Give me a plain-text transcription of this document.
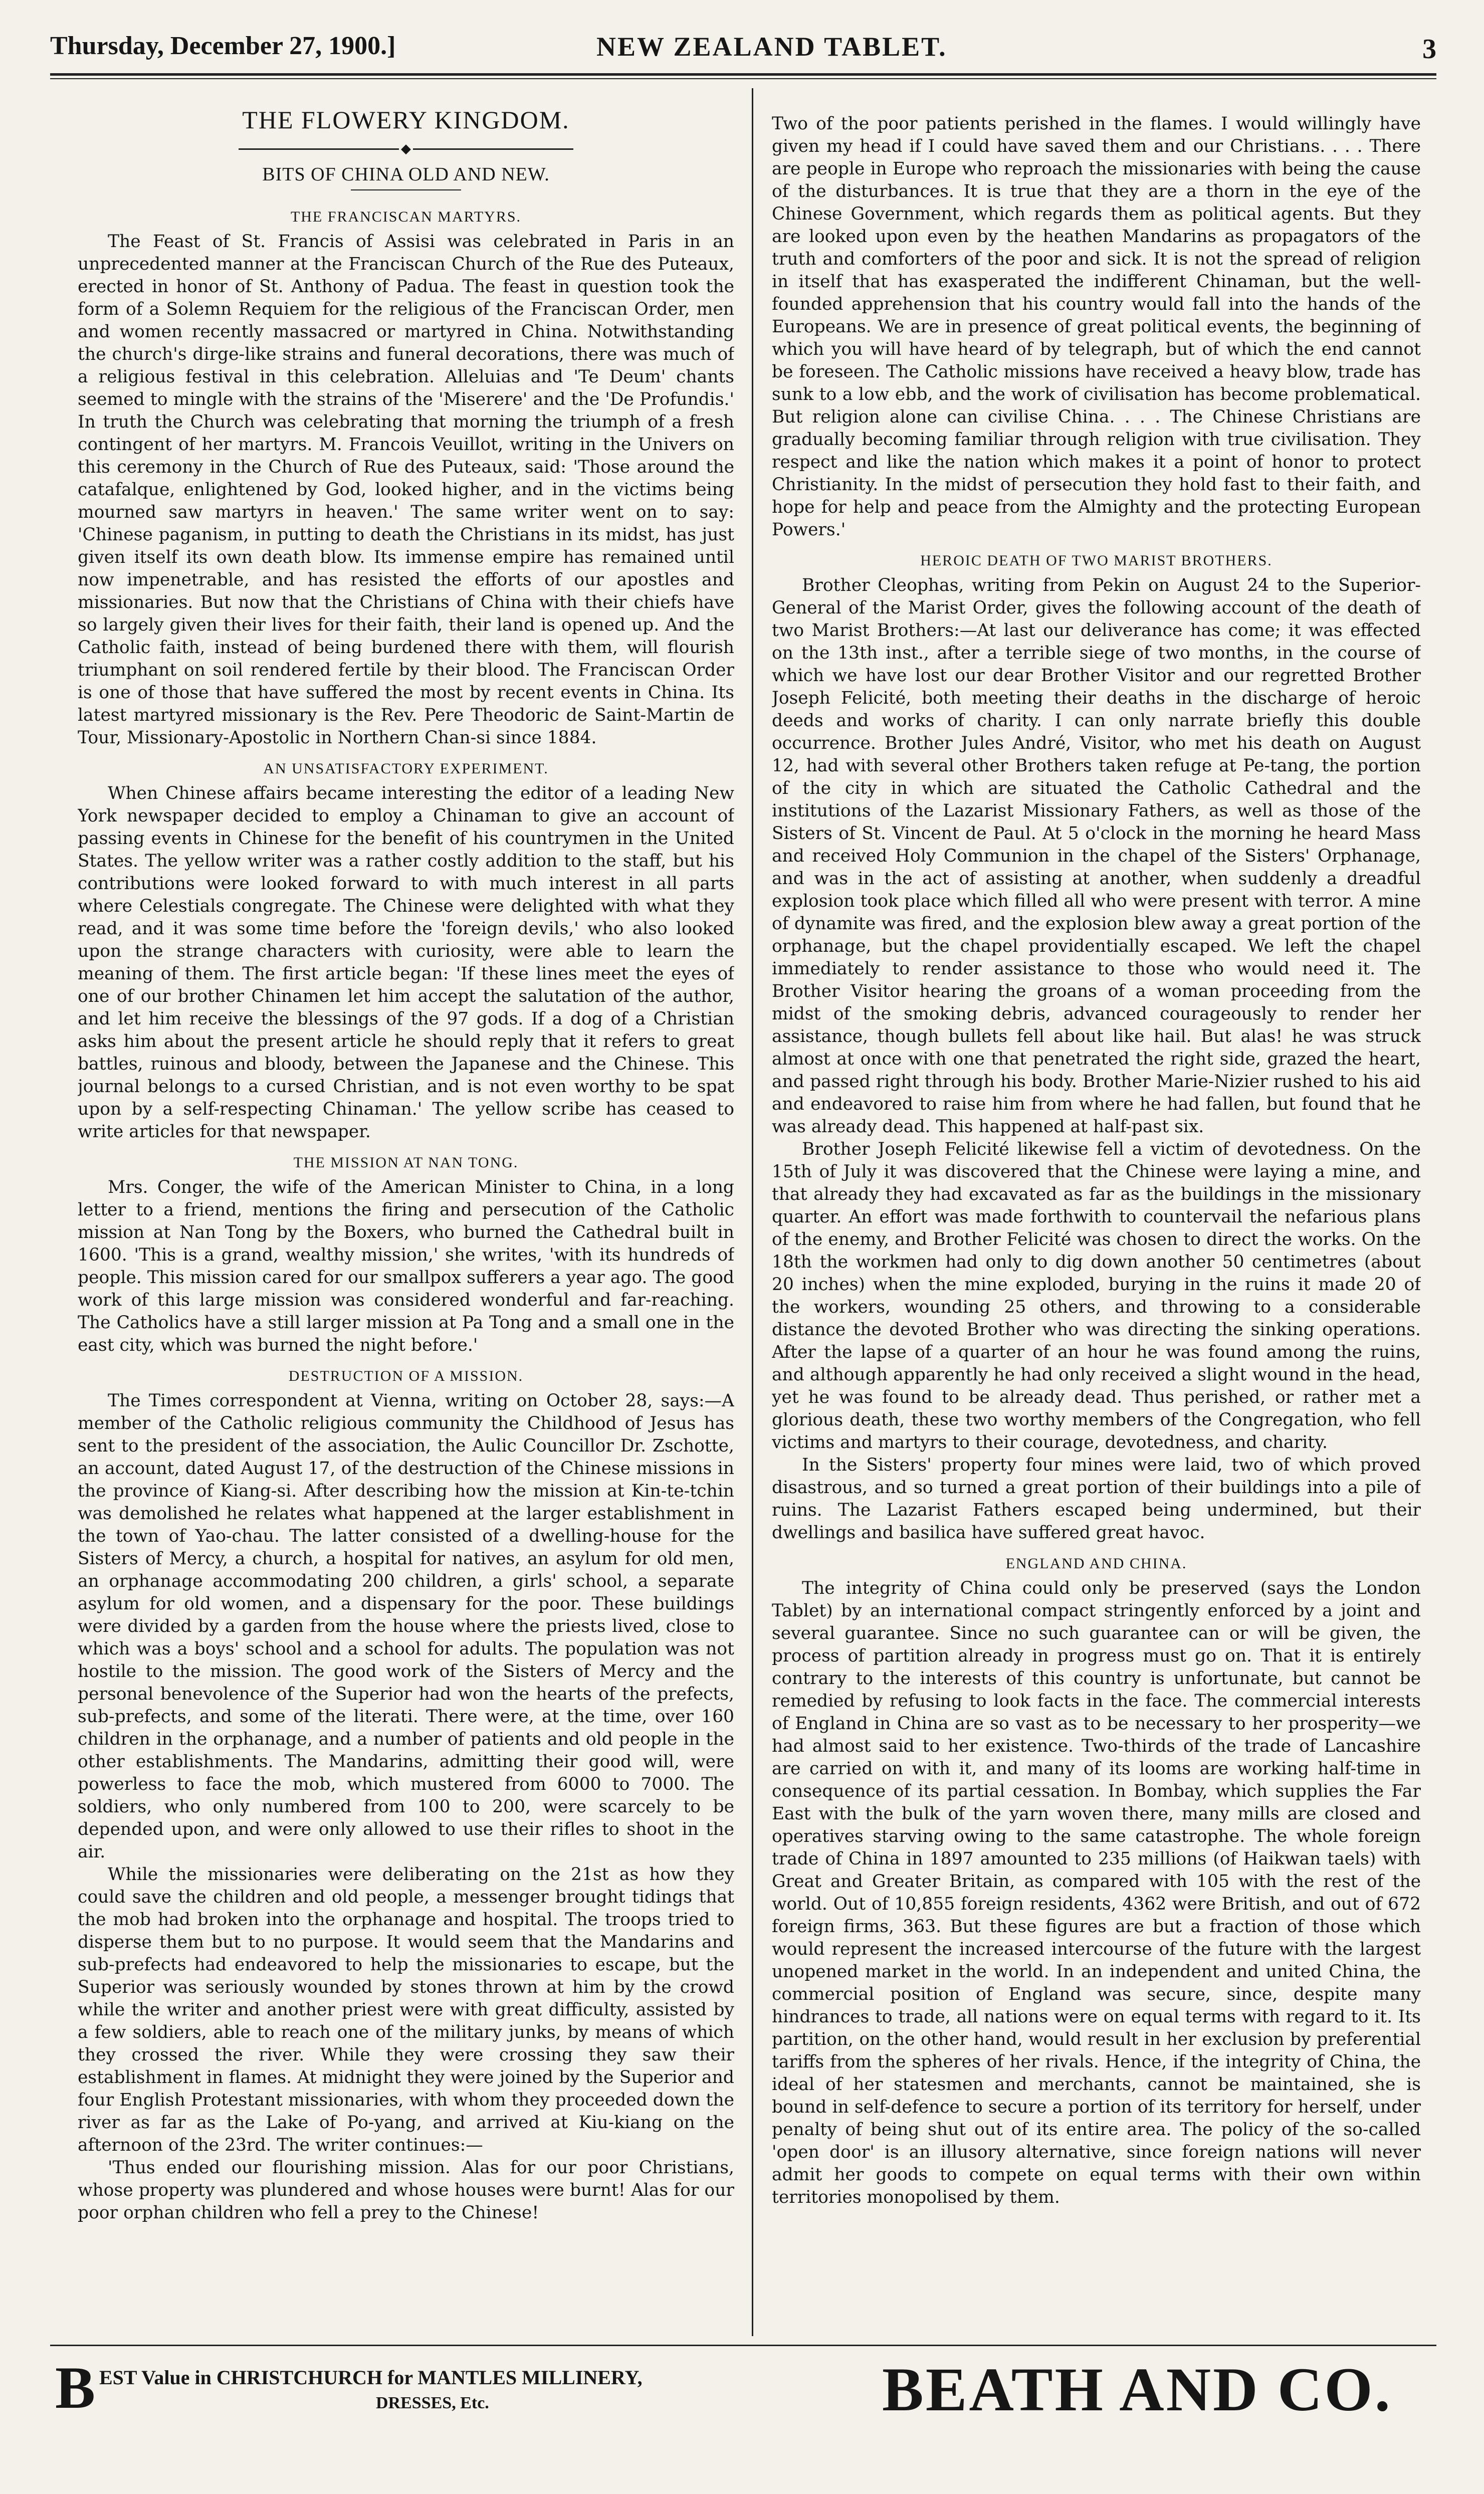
Thursday, December 27, 1900.]	NEW ZEALAND TABLET.	3
THE FLOWERY KINGDOM.
◆
BITS OF CHINA OLD AND NEW.
THE FRANCISCAN MARTYRS.

The Feast of St. Francis of Assisi was celebrated in Paris in an unprecedented manner at the Franciscan Church of the Rue des Puteaux, erected in honor of St. Anthony of Padua. The feast in question took the form of a Solemn Requiem for the religious of the Franciscan Order, men and women recently massacred or martyred in China. Notwithstanding the church's dirge-like strains and funeral decorations, there was much of a religious festival in this celebration. Alleluias and 'Te Deum' chants seemed to mingle with the strains of the 'Miserere' and the 'De Profundis.' In truth the Church was celebrating that morning the triumph of a fresh contingent of her martyrs. M. Francois Veuillot, writing in the Univers on this ceremony in the Church of Rue des Puteaux, said: 'Those around the catafalque, enlightened by God, looked higher, and in the victims being mourned saw martyrs in heaven.' The same writer went on to say: 'Chinese paganism, in putting to death the Christians in its midst, has just given itself its own death blow. Its immense empire has remained until now impenetrable, and has resisted the efforts of our apostles and missionaries. But now that the Christians of China with their chiefs have so largely given their lives for their faith, their land is opened up. And the Catholic faith, instead of being burdened there with them, will flourish triumphant on soil rendered fertile by their blood. The Franciscan Order is one of those that have suffered the most by recent events in China. Its latest martyred missionary is the Rev. Pere Theodoric de Saint-Martin de Tour, Missionary-Apostolic in Northern Chan-si since 1884.

AN UNSATISFACTORY EXPERIMENT.

When Chinese affairs became interesting the editor of a leading New York newspaper decided to employ a Chinaman to give an account of passing events in Chinese for the benefit of his countrymen in the United States. The yellow writer was a rather costly addition to the staff, but his contributions were looked forward to with much interest in all parts where Celestials congregate. The Chinese were delighted with what they read, and it was some time before the 'foreign devils,' who also looked upon the strange characters with curiosity, were able to learn the meaning of them. The first article began: 'If these lines meet the eyes of one of our brother Chinamen let him accept the salutation of the author, and let him receive the blessings of the 97 gods. If a dog of a Christian asks him about the present article he should reply that it refers to great battles, ruinous and bloody, between the Japanese and the Chinese. This journal belongs to a cursed Christian, and is not even worthy to be spat upon by a self-respecting Chinaman.' The yellow scribe has ceased to write articles for that newspaper.

THE MISSION AT NAN TONG.

Mrs. Conger, the wife of the American Minister to China, in a long letter to a friend, mentions the firing and persecution of the Catholic mission at Nan Tong by the Boxers, who burned the Cathedral built in 1600. 'This is a grand, wealthy mission,' she writes, 'with its hundreds of people. This mission cared for our smallpox sufferers a year ago. The good work of this large mission was considered wonderful and far-reaching. The Catholics have a still larger mission at Pa Tong and a small one in the east city, which was burned the night before.'

DESTRUCTION OF A MISSION.

The Times correspondent at Vienna, writing on October 28, says:—A member of the Catholic religious community the Childhood of Jesus has sent to the president of the association, the Aulic Councillor Dr. Zschotte, an account, dated August 17, of the destruction of the Chinese missions in the province of Kiang-si. After describing how the mission at Kin-te-tchin was demolished he relates what happened at the larger establishment in the town of Yao-chau. The latter consisted of a dwelling-house for the Sisters of Mercy, a church, a hospital for natives, an asylum for old men, an orphanage accommodating 200 children, a girls' school, a separate asylum for old women, and a dispensary for the poor. These buildings were divided by a garden from the house where the priests lived, close to which was a boys' school and a school for adults. The population was not hostile to the mission. The good work of the Sisters of Mercy and the personal benevolence of the Superior had won the hearts of the prefects, sub-prefects, and some of the literati. There were, at the time, over 160 children in the orphanage, and a number of patients and old people in the other establishments. The Mandarins, admitting their good will, were powerless to face the mob, which mustered from 6000 to 7000. The soldiers, who only numbered from 100 to 200, were scarcely to be depended upon, and were only allowed to use their rifles to shoot in the air.

While the missionaries were deliberating on the 21st as how they could save the children and old people, a messenger brought tidings that the mob had broken into the orphanage and hospital. The troops tried to disperse them but to no purpose. It would seem that the Mandarins and sub-prefects had endeavored to help the missionaries to escape, but the Superior was seriously wounded by stones thrown at him by the crowd while the writer and another priest were with great difficulty, assisted by a few soldiers, able to reach one of the military junks, by means of which they crossed the river. While they were crossing they saw their establishment in flames. At midnight they were joined by the Superior and four English Protestant missionaries, with whom they proceeded down the river as far as the Lake of Po-yang, and arrived at Kiu-kiang on the afternoon of the 23rd. The writer continues:—

'Thus ended our flourishing mission. Alas for our poor Christians, whose property was plundered and whose houses were burnt! Alas for our poor orphan children who fell a prey to the Chinese!

Two of the poor patients perished in the flames. I would willingly have given my head if I could have saved them and our Christians. . . . There are people in Europe who reproach the missionaries with being the cause of the disturbances. It is true that they are a thorn in the eye of the Chinese Government, which regards them as political agents. But they are looked upon even by the heathen Mandarins as propagators of the truth and comforters of the poor and sick. It is not the spread of religion in itself that has exasperated the indifferent Chinaman, but the well-founded apprehension that his country would fall into the hands of the Europeans. We are in presence of great political events, the beginning of which you will have heard of by telegraph, but of which the end cannot be foreseen. The Catholic missions have received a heavy blow, trade has sunk to a low ebb, and the work of civilisation has become problematical. But religion alone can civilise China. . . . The Chinese Christians are gradually becoming familiar through religion with true civilisation. They respect and like the nation which makes it a point of honor to protect Christianity. In the midst of persecution they hold fast to their faith, and hope for help and peace from the Almighty and the protecting European Powers.'

HEROIC DEATH OF TWO MARIST BROTHERS.

Brother Cleophas, writing from Pekin on August 24 to the Superior-General of the Marist Order, gives the following account of the death of two Marist Brothers:—At last our deliverance has come; it was effected on the 13th inst., after a terrible siege of two months, in the course of which we have lost our dear Brother Visitor and our regretted Brother Joseph Felicité, both meeting their deaths in the discharge of heroic deeds and works of charity. I can only narrate briefly this double occurrence. Brother Jules André, Visitor, who met his death on August 12, had with several other Brothers taken refuge at Pe-tang, the portion of the city in which are situated the Catholic Cathedral and the institutions of the Lazarist Missionary Fathers, as well as those of the Sisters of St. Vincent de Paul. At 5 o'clock in the morning he heard Mass and received Holy Communion in the chapel of the Sisters' Orphanage, and was in the act of assisting at another, when suddenly a dreadful explosion took place which filled all who were present with terror. A mine of dynamite was fired, and the explosion blew away a great portion of the orphanage, but the chapel providentially escaped. We left the chapel immediately to render assistance to those who would need it. The Brother Visitor hearing the groans of a woman proceeding from the midst of the smoking debris, advanced courageously to render her assistance, though bullets fell about like hail. But alas! he was struck almost at once with one that penetrated the right side, grazed the heart, and passed right through his body. Brother Marie-Nizier rushed to his aid and endeavored to raise him from where he had fallen, but found that he was already dead. This happened at half-past six.

Brother Joseph Felicité likewise fell a victim of devotedness. On the 15th of July it was discovered that the Chinese were laying a mine, and that already they had excavated as far as the buildings in the missionary quarter. An effort was made forthwith to countervail the nefarious plans of the enemy, and Brother Felicité was chosen to direct the works. On the 18th the workmen had only to dig down another 50 centimetres (about 20 inches) when the mine exploded, burying in the ruins it made 20 of the workers, wounding 25 others, and throwing to a considerable distance the devoted Brother who was directing the sinking operations. After the lapse of a quarter of an hour he was found among the ruins, and although apparently he had only received a slight wound in the head, yet he was found to be already dead. Thus perished, or rather met a glorious death, these two worthy members of the Congregation, who fell victims and martyrs to their courage, devotedness, and charity.

In the Sisters' property four mines were laid, two of which proved disastrous, and so turned a great portion of their buildings into a pile of ruins. The Lazarist Fathers escaped being undermined, but their dwellings and basilica have suffered great havoc.

ENGLAND AND CHINA.

The integrity of China could only be preserved (says the London Tablet) by an international compact stringently enforced by a joint and several guarantee. Since no such guarantee can or will be given, the process of partition already in progress must go on. That it is entirely contrary to the interests of this country is unfortunate, but cannot be remedied by refusing to look facts in the face. The commercial interests of England in China are so vast as to be necessary to her prosperity—we had almost said to her existence. Two-thirds of the trade of Lancashire are carried on with it, and many of its looms are working half-time in consequence of its partial cessation. In Bombay, which supplies the Far East with the bulk of the yarn woven there, many mills are closed and operatives starving owing to the same catastrophe. The whole foreign trade of China in 1897 amounted to 235 millions (of Haikwan taels) with Great and Greater Britain, as compared with 105 with the rest of the world. Out of 10,855 foreign residents, 4362 were British, and out of 672 foreign firms, 363. But these figures are but a fraction of those which would represent the increased intercourse of the future with the largest unopened market in the world. In an independent and united China, the commercial position of England was secure, since, despite many hindrances to trade, all nations were on equal terms with regard to it. Its partition, on the other hand, would result in her exclusion by preferential tariffs from the spheres of her rivals. Hence, if the integrity of China, the ideal of her statesmen and merchants, cannot be maintained, she is bound in self-defence to secure a portion of its territory for herself, under penalty of being shut out of its entire area. The policy of the so-called 'open door' is an illusory alternative, since foreign nations will never admit her goods to compete on equal terms with their own within territories monopolised by them.

B EST Value in CHRISTCHURCH for MANTLES MILLINERY,
DRESSES, Etc.	BEATH AND CO.
